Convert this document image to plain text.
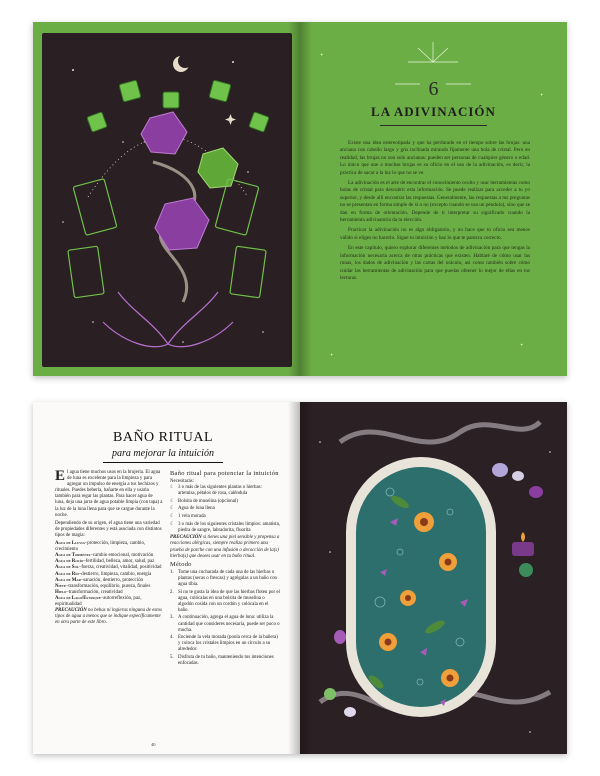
6
LA ADIVINACIÓN

Existe una idea estereotipada y que ha perdurado en el tiempo sobre las brujas: una anciana con cabello largo y gris inclinada mirando fijamente una bola de cristal. Pero en realidad, las brujas no son solo ancianas: pueden ser personas de cualquier género o edad. Lo único que une a muchas brujas es su oficio en el uso de la adivinación, es decir, la práctica de sacar a la luz lo que no se ve.

La adivinación es el arte de encontrar el conocimiento oculto y usar herramientas como bolas de cristal para descubrir esta información. Se puede realizar para acceder a tu yo superior, y desde allí encontrar las respuestas. Generalmente, las respuestas a tus preguntas no se presentan en forma simple de sí o no (excepto cuando se usa un péndulo), sino que se dan en forma de orientación. Depende de ti interpretar su significado cuando la herramienta adivinatoria da tu elección.

Practicar la adivinación no es algo obligatorio, y no hace que tu oficio sea menos válido si eliges no hacerlo. Sigue tu intuición y haz lo que te parezca correcto.

En este capítulo, quiero explorar diferentes métodos de adivinación para que tengas la información necesaria acerca de otras prácticas que existen. Hablaré de cómo usar las runas, los dados de adivinación y las cartas del oráculo, así como también sobre cómo cuidar las herramientas de adivinación para que puedas obtener lo mejor de ellas en tus lecturas.

✦
✦
✦
✦
BAÑO RITUAL
para mejorar la intuición

El agua tiene muchos usos en la brujería. El agua de luna es excelente para la limpieza y para agregar un impulso de energía a tus hechizos y rituales. Puedes beberla, bañarte en ella y usarla también para regar las plantas. Para hacer agua de luna, deja una jarra de agua potable limpia (con tapa) a la luz de la luna llena para que se cargue durante la noche.

Dependiendo de su origen, el agua tiene una variedad de propiedades diferentes y está asociada con distintos tipos de magia:

Agua de Lluvia–protección, limpieza, cambio, crecimiento
Agua de Tormenta–cambio emocional, motivación
Agua de Rocío–fertilidad, belleza, amor, salud, paz
Agua de Sol–fuerza, creatividad, vitalidad, positividad
Agua de Río–destierro, limpieza, cambio, energía
Agua de Mar–sanación, destierro, protección
Nieve–transformación, equilibrio, pureza, finales
Hielo–transformación, creatividad
Agua de Lago/Estanque–autorreflexión, paz, espiritualidad

PRECAUCIÓN no bebas ni ingieras ninguna de estos tipos de agua a menos que se indique específicamente en otra parte de este libro.

Baño ritual para potenciar la intuición
Necesitarás:
☾ 3 o más de las siguientes plantas o hierbas: artemisa, pétalos de rosa, caléndula
☾ Bolsita de muselina (opcional)
☾ Agua de luna llena
☾ 1 vela morada
☾ 3 o más de los siguientes cristales limpios: amatista, piedra de sangre, labradorita, fluorita

PRECAUCIÓN si tienes una piel sensible y propensa a reacciones alérgicas, siempre realiza primero una prueba de parche con una infusión o decocción de la(s) hierba(s) que desees usar en tu baño ritual.

Método
1. Tome una cucharada de cada una de las hierbas o plantas (secas o frescas) y agrégalas a un baño con agua tibia.
2. Si no te gusta la idea de que las hierbas floten por el agua, colócalas en una bolsita de muselina o algodón cosida con un cordón y colócala en el baño.
3. A continuación, agrega el agua de luna: utiliza la cantidad que consideres necesaria, puede ser poco o mucha.
4. Enciende la vela morada (ponla cerca de la bañera) y coloca los cristales limpios en un círculo a su alrededor.
5. Disfruta de tu baño, manteniendo tus intenciones enfocadas.
40
